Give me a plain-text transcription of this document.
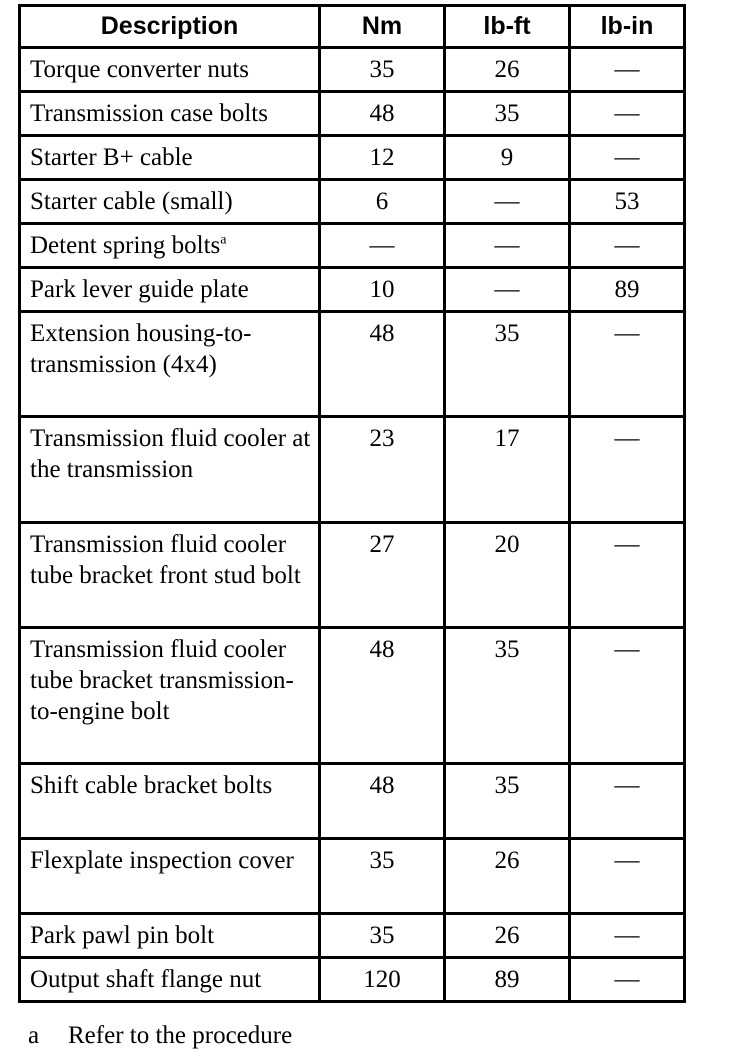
Description	Nm	lb-ft	lb-in
Torque converter nuts	35	26	—
Transmission case bolts	48	35	—
Starter B+ cable	12	9	—
Starter cable (small)	6	—	53
Detent spring bolts$^a$	—	—	—
Park lever guide plate	10	—	89
Extension housing-to-transmission (4x4)	48	35	—
Transmission fluid cooler at the transmission	23	17	—
Transmission fluid cooler tube bracket front stud bolt	27	20	—
Transmission fluid cooler tube bracket transmission-to-engine bolt	48	35	—
Shift cable bracket bolts	48	35	—
Flexplate inspection cover	35	26	—
Park pawl pin bolt	35	26	—
Output shaft flange nut	120	89	—
a Refer to the procedure
